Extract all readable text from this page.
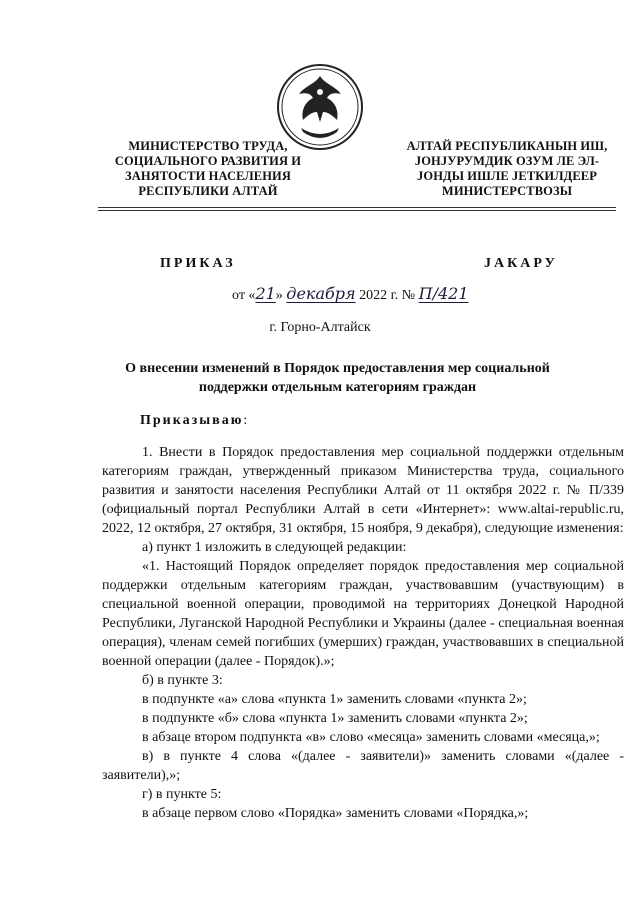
МИНИСТЕРСТВО ТРУДА,
СОЦИАЛЬНОГО РАЗВИТИЯ И
ЗАНЯТОСТИ НАСЕЛЕНИЯ
РЕСПУБЛИКИ АЛТАЙ
АЛТАЙ РЕСПУБЛИКАНЫН ИШ,
ЈОНЈУРУМДИК ОЗУМ ЛЕ ЭЛ-
ЈОНДЫ ИШЛЕ ЈЕТКИЛДЕЕР
МИНИСТЕРСТВОЗЫ
ПРИКАЗ	ЈАКАРУ
от «21» декабря 2022 г. № П/421
г. Горно-Алтайск
О внесении изменений в Порядок предоставления мер социальной поддержки отдельным категориям граждан
Приказываю:

1. Внести в Порядок предоставления мер социальной поддержки отдельным категориям граждан, утвержденный приказом Министерства труда, социального развития и занятости населения Республики Алтай от 11 октября 2022 г. № П/339 (официальный портал Республики Алтай в сети «Интернет»: www.altai-republic.ru, 2022, 12 октября, 27 октября, 31 октября, 15 ноября, 9 декабря), следующие изменения:

а) пункт 1 изложить в следующей редакции:

«1. Настоящий Порядок определяет порядок предоставления мер социальной поддержки отдельным категориям граждан, участвовавшим (участвующим) в специальной военной операции, проводимой на территориях Донецкой Народной Республики, Луганской Народной Республики и Украины (далее - специальная военная операция), членам семей погибших (умерших) граждан, участвовавших в специальной военной операции (далее - Порядок).»;

б) в пункте 3:

в подпункте «а» слова «пункта 1» заменить словами «пункта 2»;

в подпункте «б» слова «пункта 1» заменить словами «пункта 2»;

в абзаце втором подпункта «в» слово «месяца» заменить словами «месяца,»;

в) в пункте 4 слова «(далее - заявители)» заменить словами «(далее - заявители),»;

г) в пункте 5:

в абзаце первом слово «Порядка» заменить словами «Порядка,»;
